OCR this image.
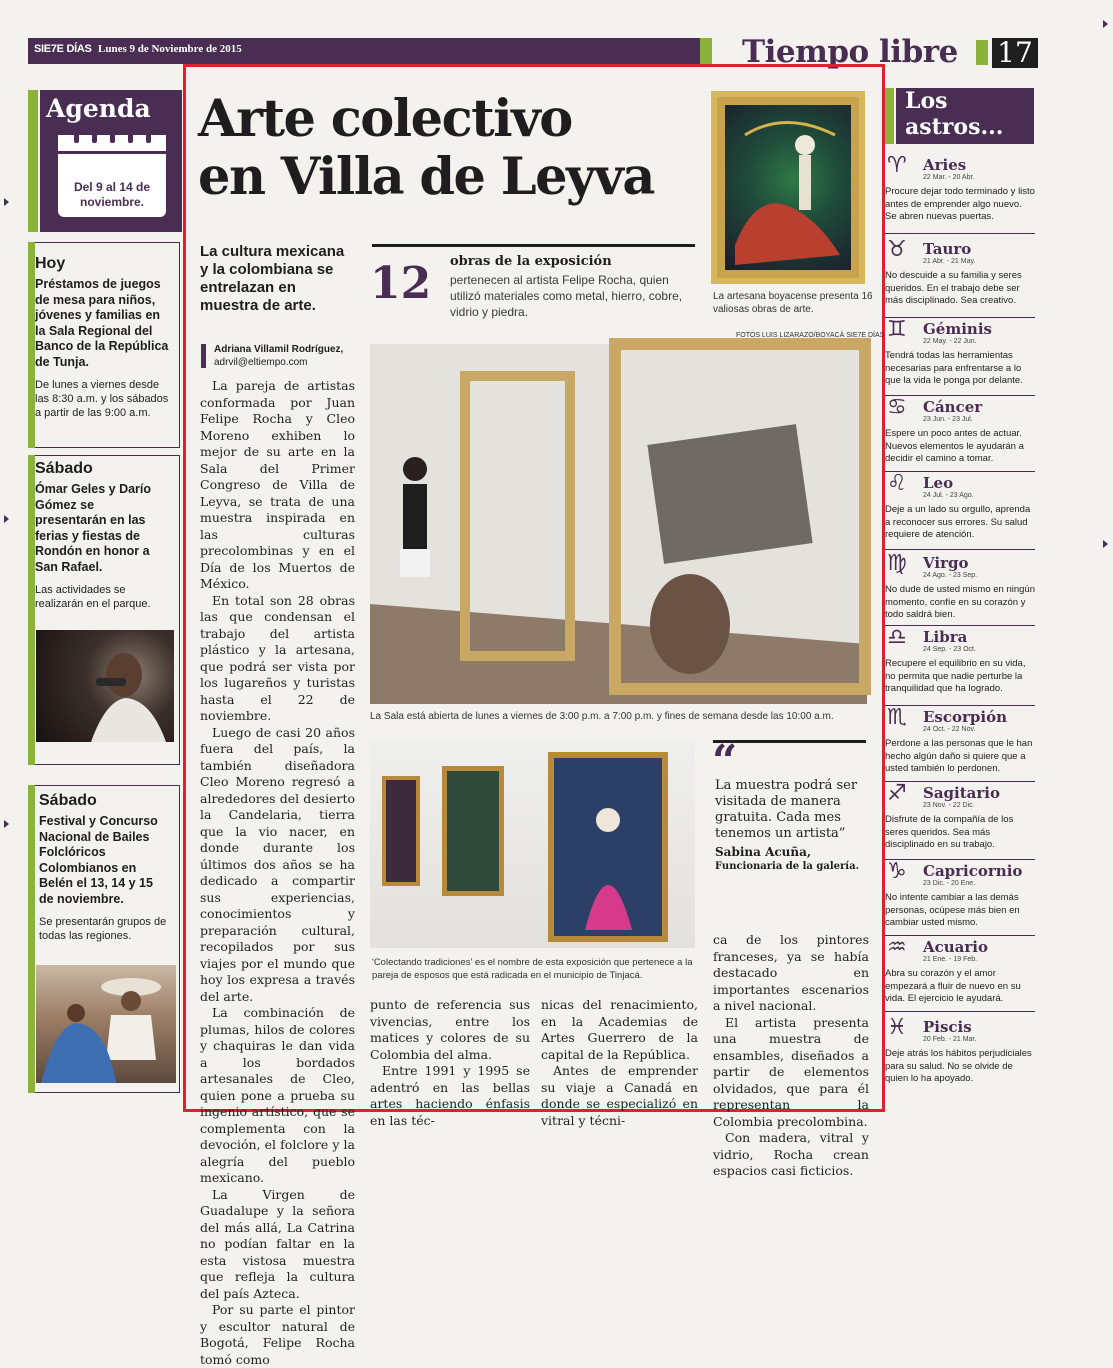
SIE7E DÍAS Lunes 9 de Noviembre de 2015	Tiempo libre 17
Agenda
Del 9 al 14 de noviembre.
Hoy
Préstamos de juegos de mesa para niños, jóvenes y familias en la Sala Regional del Banco de la República de Tunja.
De lunes a viernes desde las 8:30 a.m. y los sábados a partir de las 9:00 a.m.
Sábado
Ómar Geles y Darío Gómez se presentarán en las ferias y fiestas de Rondón en honor a San Rafael.
Las actividades se realizarán en el parque.
Sábado
Festival y Concurso Nacional de Bailes Folclóricos Colombianos en Belén el 13, 14 y 15 de noviembre.
Se presentarán grupos de todas las regiones.
Arte colectivo
en Villa de Leyva
La cultura mexicana y la colombiana se entrelazan en muestra de arte.
Adriana Villamil Rodríguez,
adrvil@eltiempo.com

La pareja de artistas conformada por Juan Felipe Rocha y Cleo Moreno exhiben lo mejor de su arte en la Sala del Primer Congreso de Villa de Leyva, se trata de una muestra inspirada en las culturas precolombinas y en el Día de los Muertos de México.

En total son 28 obras las que condensan el trabajo del artista plástico y la artesana, que podrá ser vista por los lugareños y turistas hasta el 22 de noviembre.

Luego de casi 20 años fuera del país, la también diseñadora Cleo Moreno regresó a alrededores del desierto la Candelaria, tierra que la vio nacer, en donde durante los últimos dos años se ha dedicado a compartir sus experiencias, conocimientos y preparación cultural, recopilados por sus viajes por el mundo que hoy los expresa a través del arte.

La combinación de plumas, hilos de colores y chaquiras le dan vida a los bordados artesanales de Cleo, quien pone a prueba su ingenio artístico, que se complementa con la devoción, el folclore y la alegría del pueblo mexicano.

La Virgen de Guadalupe y la señora del más allá, La Catrina no podían faltar en la esta vistosa muestra que refleja la cultura del país Azteca.

Por su parte el pintor y escultor natural de Bogotá, Felipe Rocha tomó como

12 obras de la exposición
pertenecen al artista Felipe Rocha, quien utilizó materiales como metal, hierro, cobre, vidrio y piedra.
La artesana boyacense presenta 16 valiosas obras de arte.
FOTOS LUIS LIZARAZO/BOYACÁ SIE7E DÍAS
La Sala está abierta de lunes a viernes de 3:00 p.m. a 7:00 p.m. y fines de semana desde las 10:00 a.m.
'Colectando tradiciones' es el nombre de esta exposición que pertenece a la pareja de esposos que está radicada en el municipio de Tinjacá.
“
La muestra podrá ser visitada de manera gratuita. Cada mes tenemos un artista”
Sabina Acuña,
Funcionaria de la galería.

punto de referencia sus vivencias, entre los matices y colores de su Colombia del alma.

Entre 1991 y 1995 se adentró en las bellas artes haciendo énfasis en las téc-

nicas del renacimiento, en la Academias de Artes Guerrero de la capital de la República.

Antes de emprender su viaje a Canadá en donde se especializó en vitral y técni-

ca de los pintores franceses, ya se había destacado en importantes escenarios a nivel nacional.

El artista presenta una muestra de ensambles, diseñados a partir de elementos olvidados, que para él representan la Colombia precolombina.

Con madera, vitral y vidrio, Rocha crean espacios casi ficticios.

Los astros...
♈	Aries
22 Mar. - 20 Abr.
Procure dejar todo terminado y listo antes de emprender algo nuevo. Se abren nuevas puertas.
♉	Tauro
21 Abr. - 21 May.
No descuide a su familia y seres queridos. En el trabajo debe ser más disciplinado. Sea creativo.
♊	Géminis
22 May. - 22 Jun.
Tendrá todas las herramientas necesarias para enfrentarse a lo que la vida le ponga por delante.
♋	Cáncer
23 Jun. - 23 Jul.
Espere un poco antes de actuar. Nuevos elementos le ayudarán a decidir el camino a tomar.
♌	Leo
24 Jul. - 23 Ago.
Deje a un lado su orgullo, aprenda a reconocer sus errores. Su salud requiere de atención.
♍	Virgo
24 Ago. - 23 Sep.
No dude de usted mismo en ningún momento, confíe en su corazón y todo saldrá bien.
♎	Libra
24 Sep. - 23 Oct.
Recupere el equilibrio en su vida, no permita que nadie perturbe la tranquilidad que ha logrado.
♏	Escorpión
24 Oct. - 22 Nov.
Perdone a las personas que le han hecho algún daño si quiere que a usted también lo perdonen.
♐	Sagitario
23 Nov. - 22 Dic.
Disfrute de la compañía de los seres queridos. Sea más disciplinado en su trabajo.
♑	Capricornio
23 Dic. - 20 Ene.
No intente cambiar a las demás personas, ocúpese más bien en cambiar usted mismo.
♒	Acuario
21 Ene. - 19 Feb.
Abra su corazón y el amor empezará a fluir de nuevo en su vida. El ejercicio le ayudará.
♓	Piscis
20 Feb. - 21 Mar.
Deje atrás los hábitos perjudiciales para su salud. No se olvide de quien lo ha apoyado.
